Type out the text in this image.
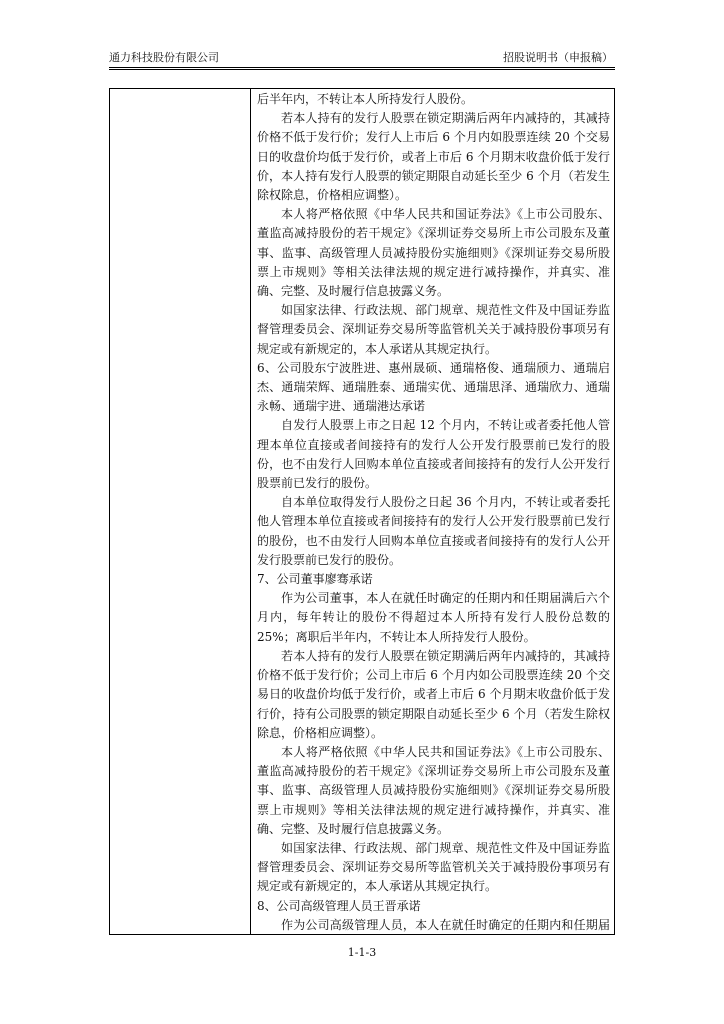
通力科技股份有限公司	招股说明书（申报稿）

后半年内，不转让本人所持发行人股份。

若本人持有的发行人股票在锁定期满后两年内减持的，其减持价格不低于发行价；发行人上市后 6 个月内如股票连续 20 个交易日的收盘价均低于发行价，或者上市后 6 个月期末收盘价低于发行价，本人持有发行人股票的锁定期限自动延长至少 6 个月（若发生除权除息，价格相应调整）。

本人将严格依照《中华人民共和国证券法》《上市公司股东、董监高减持股份的若干规定》《深圳证券交易所上市公司股东及董事、监事、高级管理人员减持股份实施细则》《深圳证券交易所股票上市规则》等相关法律法规的规定进行减持操作，并真实、准确、完整、及时履行信息披露义务。

如国家法律、行政法规、部门规章、规范性文件及中国证券监督管理委员会、深圳证券交易所等监管机关关于减持股份事项另有规定或有新规定的，本人承诺从其规定执行。

6、公司股东宁波胜进、惠州晟硕、通瑞格俊、通瑞颀力、通瑞启杰、通瑞荣辉、通瑞胜泰、通瑞实优、通瑞思泽、通瑞欣力、通瑞永畅、通瑞宇进、通瑞港达承诺

自发行人股票上市之日起 12 个月内，不转让或者委托他人管理本单位直接或者间接持有的发行人公开发行股票前已发行的股份，也不由发行人回购本单位直接或者间接持有的发行人公开发行股票前已发行的股份。

自本单位取得发行人股份之日起 36 个月内，不转让或者委托他人管理本单位直接或者间接持有的发行人公开发行股票前已发行的股份，也不由发行人回购本单位直接或者间接持有的发行人公开发行股票前已发行的股份。

7、公司董事廖骞承诺

作为公司董事，本人在就任时确定的任期内和任期届满后六个月内，每年转让的股份不得超过本人所持有发行人股份总数的 25%；离职后半年内，不转让本人所持发行人股份。

若本人持有的发行人股票在锁定期满后两年内减持的，其减持价格不低于发行价；公司上市后 6 个月内如公司股票连续 20 个交易日的收盘价均低于发行价，或者上市后 6 个月期末收盘价低于发行价，持有公司股票的锁定期限自动延长至少 6 个月（若发生除权除息，价格相应调整）。

本人将严格依照《中华人民共和国证券法》《上市公司股东、董监高减持股份的若干规定》《深圳证券交易所上市公司股东及董事、监事、高级管理人员减持股份实施细则》《深圳证券交易所股票上市规则》等相关法律法规的规定进行减持操作，并真实、准确、完整、及时履行信息披露义务。

如国家法律、行政法规、部门规章、规范性文件及中国证券监督管理委员会、深圳证券交易所等监管机关关于减持股份事项另有规定或有新规定的，本人承诺从其规定执行。

8、公司高级管理人员王晋承诺

作为公司高级管理人员，本人在就任时确定的任期内和任期届

1-1-3
